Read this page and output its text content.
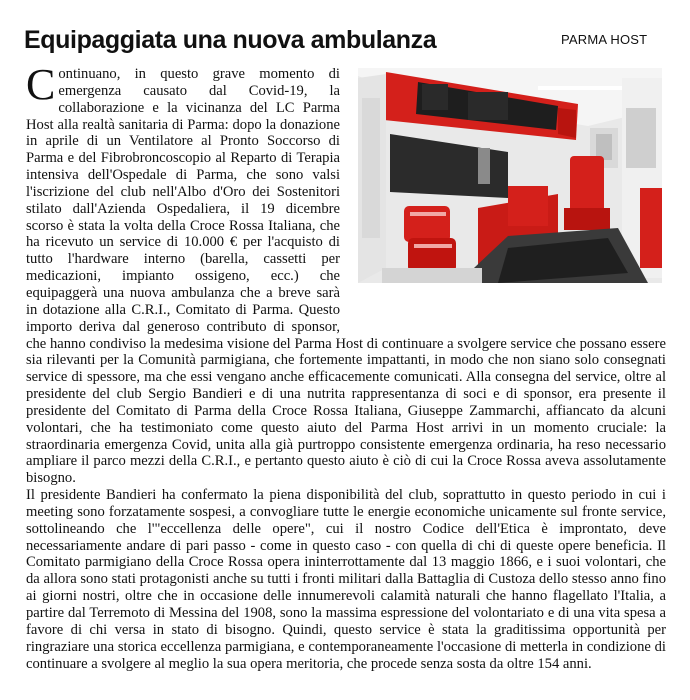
Equipaggiata una nuova ambulanza	PARMA HOST

Continuano, in questo grave momento di emergenza causato dal Covid-19, la collaborazione e la vicinanza del LC Parma Host alla realtà sanitaria di Parma: dopo la donazione in aprile di un Ventilatore al Pronto Soccorso di Parma e del Fibrobroncoscopio al Reparto di Terapia intensiva dell'Ospedale di Parma, che sono valsi l'iscrizione del club nell'Albo d'Oro dei Sostenitori stilato dall'Azienda Ospedaliera, il 19 dicembre scorso è stata la volta della Croce Rossa Italiana, che ha ricevuto un service di 10.000 € per l'acquisto di tutto l'hardware interno (barella, cassetti per medicazioni, impianto ossigeno, ecc.) che equipaggerà una nuova ambulanza che a breve sarà in dotazione alla C.R.I., Comitato di Parma. Questo importo deriva dal generoso contributo di sponsor, che hanno condiviso la medesima visione del Parma Host di continuare a svolgere service che possano essere sia rilevanti per la Comunità parmigiana, che fortemente impattanti, in modo che non siano solo consegnati service di spessore, ma che essi vengano anche efficacemente comunicati. Alla consegna del service, oltre al presidente del club Sergio Bandieri e di una nutrita rappresentanza di soci e di sponsor, era presente il presidente del Comitato di Parma della Croce Rossa Italiana, Giuseppe Zammarchi, affiancato da alcuni volontari, che ha testimoniato come questo aiuto del Parma Host arrivi in un momento cruciale: la straordinaria emergenza Covid, unita alla già purtroppo consistente emergenza ordinaria, ha reso necessario ampliare il parco mezzi della C.R.I., e pertanto questo aiuto è ciò di cui la Croce Rossa aveva assolutamente bisogno.

Il presidente Bandieri ha confermato la piena disponibilità del club, soprattutto in questo periodo in cui i meeting sono forzatamente sospesi, a convogliare tutte le energie economiche unicamente sul fronte service, sottolineando che l'"eccellenza delle opere", cui il nostro Codice dell'Etica è improntato, deve necessariamente andare di pari passo - come in questo caso - con quella di chi di queste opere beneficia. Il Comitato parmigiano della Croce Rossa opera ininterrottamente dal 13 maggio 1866, e i suoi volontari, che da allora sono stati protagonisti anche su tutti i fronti militari dalla Battaglia di Custoza dello stesso anno fino ai giorni nostri, oltre che in occasione delle innumerevoli calamità naturali che hanno flagellato l'Italia, a partire dal Terremoto di Messina del 1908, sono la massima espressione del volontariato e di una vita spesa a favore di chi versa in stato di bisogno. Quindi, questo service è stata la graditissima opportunità per ringraziare una storica eccellenza parmigiana, e contemporaneamente l'occasione di metterla in condizione di continuare a svolgere al meglio la sua opera meritoria, che procede senza sosta da oltre 154 anni.
